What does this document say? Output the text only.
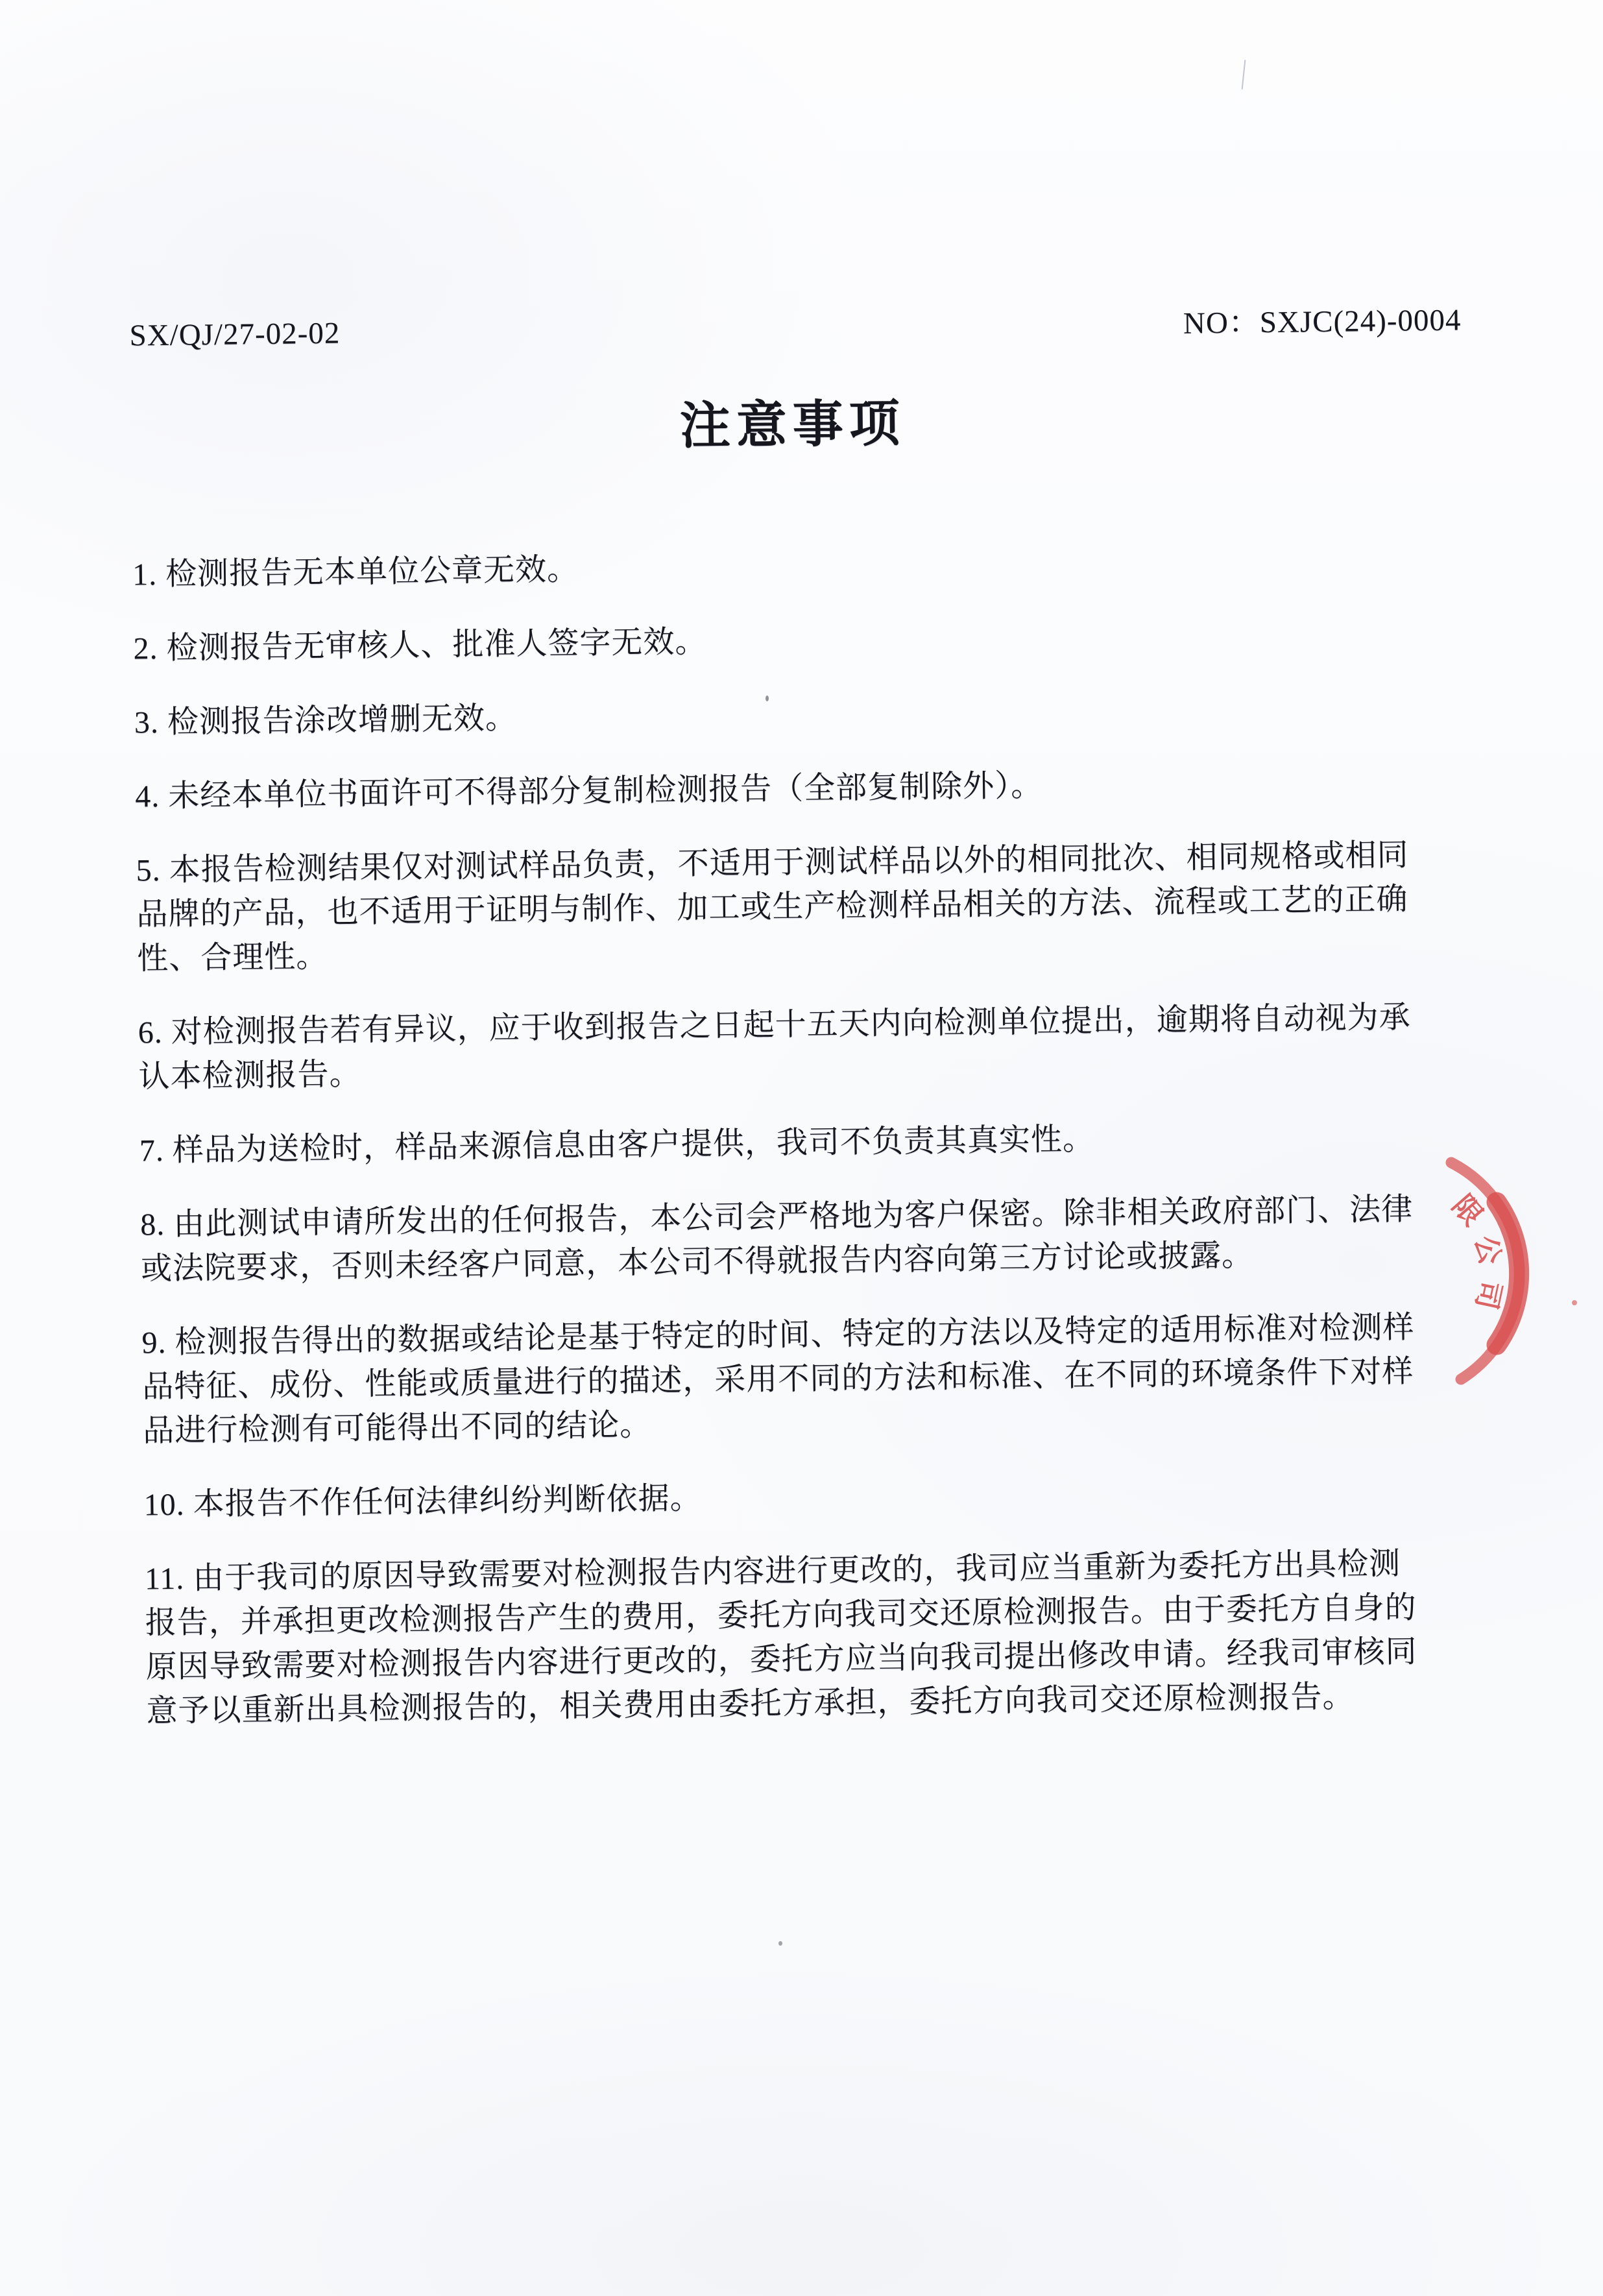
SX/QJ/27-02-02	NO：SXJC(24)-0004
注意事项

1. 检测报告无本单位公章无效。

2. 检测报告无审核人、批准人签字无效。

3. 检测报告涂改增删无效。

4. 未经本单位书面许可不得部分复制检测报告（全部复制除外）。

5. 本报告检测结果仅对测试样品负责，不适用于测试样品以外的相同批次、相同规格或相同
品牌的产品，也不适用于证明与制作、加工或生产检测样品相关的方法、流程或工艺的正确
性、合理性。

6. 对检测报告若有异议，应于收到报告之日起十五天内向检测单位提出，逾期将自动视为承
认本检测报告。

7. 样品为送检时，样品来源信息由客户提供，我司不负责其真实性。

8. 由此测试申请所发出的任何报告，本公司会严格地为客户保密。除非相关政府部门、法律
或法院要求，否则未经客户同意，本公司不得就报告内容向第三方讨论或披露。

9. 检测报告得出的数据或结论是基于特定的时间、特定的方法以及特定的适用标准对检测样
品特征、成份、性能或质量进行的描述，采用不同的方法和标准、在不同的环境条件下对样
品进行检测有可能得出不同的结论。

10. 本报告不作任何法律纠纷判断依据。

11. 由于我司的原因导致需要对检测报告内容进行更改的，我司应当重新为委托方出具检测
报告，并承担更改检测报告产生的费用，委托方向我司交还原检测报告。由于委托方自身的
原因导致需要对检测报告内容进行更改的，委托方应当向我司提出修改申请。经我司审核同
意予以重新出具检测报告的，相关费用由委托方承担，委托方向我司交还原检测报告。

限
公
司
